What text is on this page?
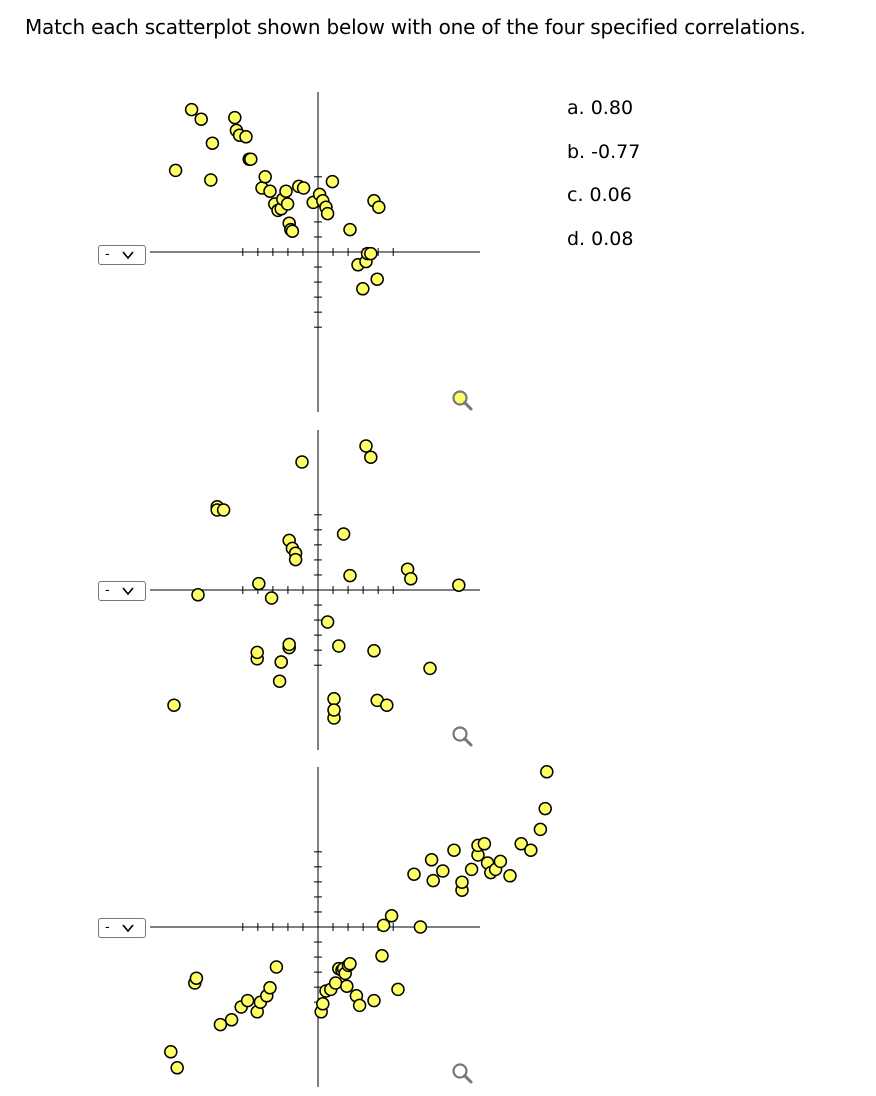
Match each scatterplot shown below with one of the four specified correlations.
-
-
-
a. 0.80
b. -0.77
c. 0.06
d. 0.08
